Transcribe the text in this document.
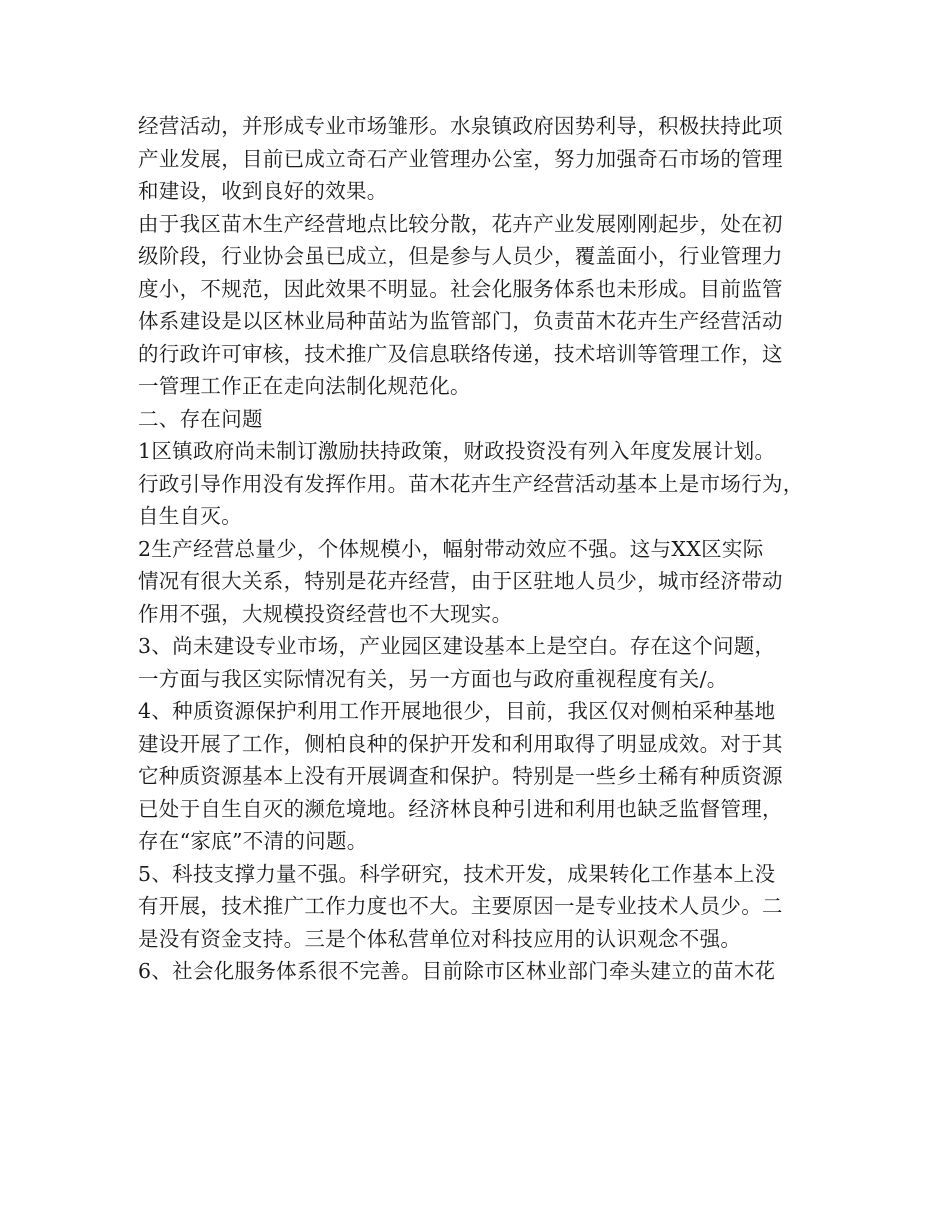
经营活动，并形成专业市场雏形。水泉镇政府因势利导，积极扶持此项
产业发展，目前已成立奇石产业管理办公室，努力加强奇石市场的管理
和建设，收到良好的效果。
由于我区苗木生产经营地点比较分散，花卉产业发展刚刚起步，处在初
级阶段，行业协会虽已成立，但是参与人员少，覆盖面小，行业管理力
度小，不规范，因此效果不明显。社会化服务体系也未形成。目前监管
体系建设是以区林业局种苗站为监管部门，负责苗木花卉生产经营活动
的行政许可审核，技术推广及信息联络传递，技术培训等管理工作，这
一管理工作正在走向法制化规范化。
二、存在问题
1区镇政府尚未制订激励扶持政策，财政投资没有列入年度发展计划。
行政引导作用没有发挥作用。苗木花卉生产经营活动基本上是市场行为，
自生自灭。
2生产经营总量少，个体规模小，幅射带动效应不强。这与XX区实际
情况有很大关系，特别是花卉经营，由于区驻地人员少，城市经济带动
作用不强，大规模投资经营也不大现实。
3、尚未建设专业市场，产业园区建设基本上是空白。存在这个问题，
一方面与我区实际情况有关，另一方面也与政府重视程度有关/。
4、种质资源保护利用工作开展地很少，目前，我区仅对侧柏采种基地
建设开展了工作，侧柏良种的保护开发和利用取得了明显成效。对于其
它种质资源基本上没有开展调查和保护。特别是一些乡土稀有种质资源
已处于自生自灭的濒危境地。经济林良种引进和利用也缺乏监督管理，
存在“家底”不清的问题。
5、科技支撑力量不强。科学研究，技术开发，成果转化工作基本上没
有开展，技术推广工作力度也不大。主要原因一是专业技术人员少。二
是没有资金支持。三是个体私营单位对科技应用的认识观念不强。
6、社会化服务体系很不完善。目前除市区林业部门牵头建立的苗木花
